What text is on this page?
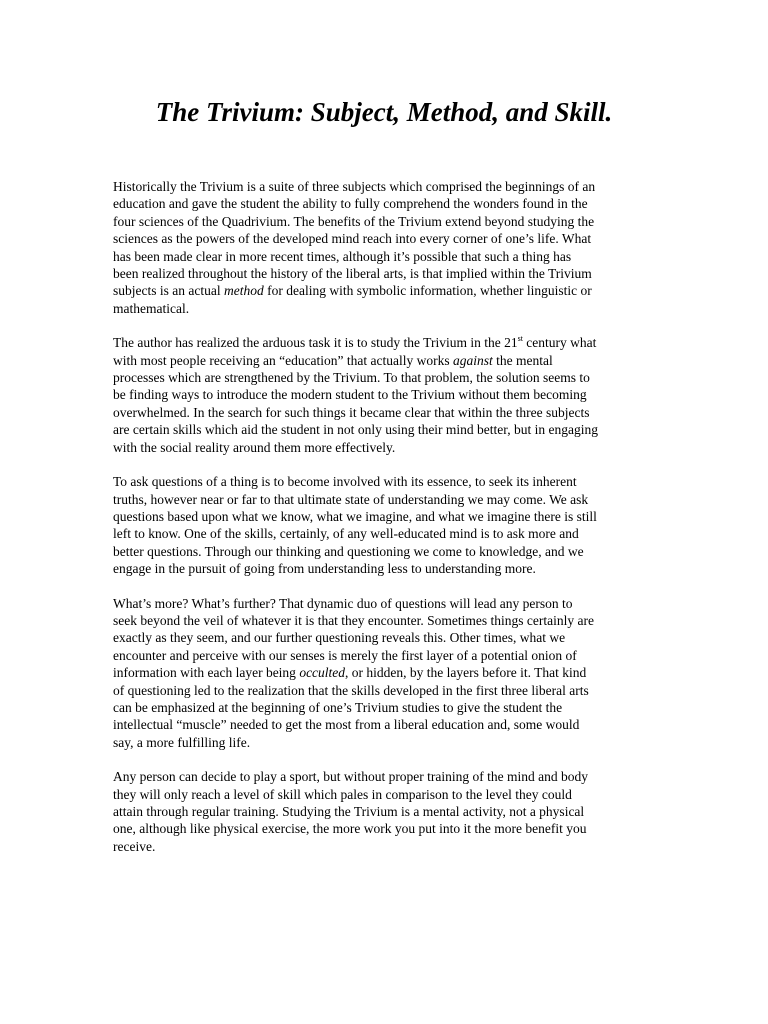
The Trivium: Subject, Method, and Skill.

Historically the Trivium is a suite of three subjects which comprised the beginnings of an
education and gave the student the ability to fully comprehend the wonders found in the
four sciences of the Quadrivium. The benefits of the Trivium extend beyond studying the
sciences as the powers of the developed mind reach into every corner of one’s life. What
has been made clear in more recent times, although it’s possible that such a thing has
been realized throughout the history of the liberal arts, is that implied within the Trivium
subjects is an actual method for dealing with symbolic information, whether linguistic or
mathematical.

The author has realized the arduous task it is to study the Trivium in the 21st century what
with most people receiving an “education” that actually works against the mental
processes which are strengthened by the Trivium. To that problem, the solution seems to
be finding ways to introduce the modern student to the Trivium without them becoming
overwhelmed. In the search for such things it became clear that within the three subjects
are certain skills which aid the student in not only using their mind better, but in engaging
with the social reality around them more effectively.

To ask questions of a thing is to become involved with its essence, to seek its inherent
truths, however near or far to that ultimate state of understanding we may come. We ask
questions based upon what we know, what we imagine, and what we imagine there is still
left to know. One of the skills, certainly, of any well-educated mind is to ask more and
better questions. Through our thinking and questioning we come to knowledge, and we
engage in the pursuit of going from understanding less to understanding more.

What’s more? What’s further? That dynamic duo of questions will lead any person to
seek beyond the veil of whatever it is that they encounter. Sometimes things certainly are
exactly as they seem, and our further questioning reveals this. Other times, what we
encounter and perceive with our senses is merely the first layer of a potential onion of
information with each layer being occulted, or hidden, by the layers before it. That kind
of questioning led to the realization that the skills developed in the first three liberal arts
can be emphasized at the beginning of one’s Trivium studies to give the student the
intellectual “muscle” needed to get the most from a liberal education and, some would
say, a more fulfilling life.

Any person can decide to play a sport, but without proper training of the mind and body
they will only reach a level of skill which pales in comparison to the level they could
attain through regular training. Studying the Trivium is a mental activity, not a physical
one, although like physical exercise, the more work you put into it the more benefit you
receive.
